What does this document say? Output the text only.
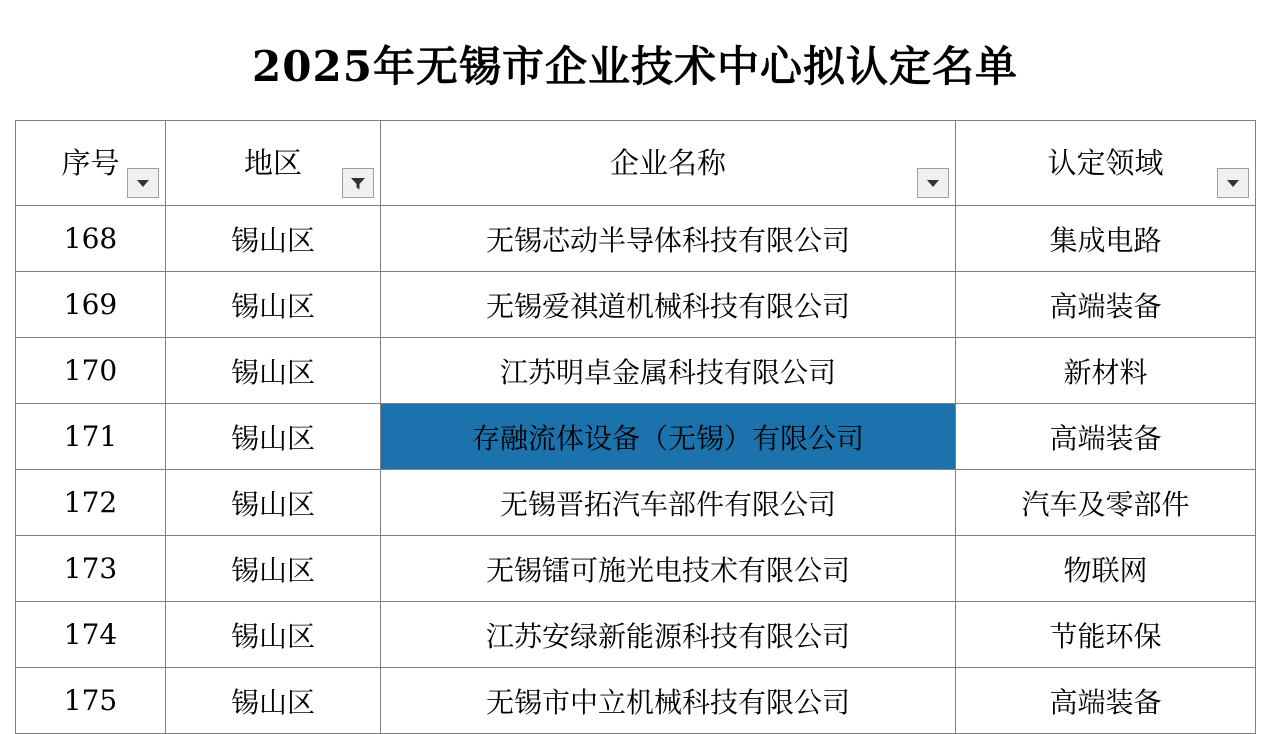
2025年无锡市企业技术中心拟认定名单
序号	地区	企业名称	认定领域

168	锡山区	无锡芯动半导体科技有限公司	集成电路
169	锡山区	无锡爱祺道机械科技有限公司	高端装备
170	锡山区	江苏明卓金属科技有限公司	新材料
171	锡山区	存融流体设备（无锡）有限公司	高端装备
172	锡山区	无锡晋拓汽车部件有限公司	汽车及零部件
173	锡山区	无锡镭可施光电技术有限公司	物联网
174	锡山区	江苏安绿新能源科技有限公司	节能环保
175	锡山区	无锡市中立机械科技有限公司	高端装备
